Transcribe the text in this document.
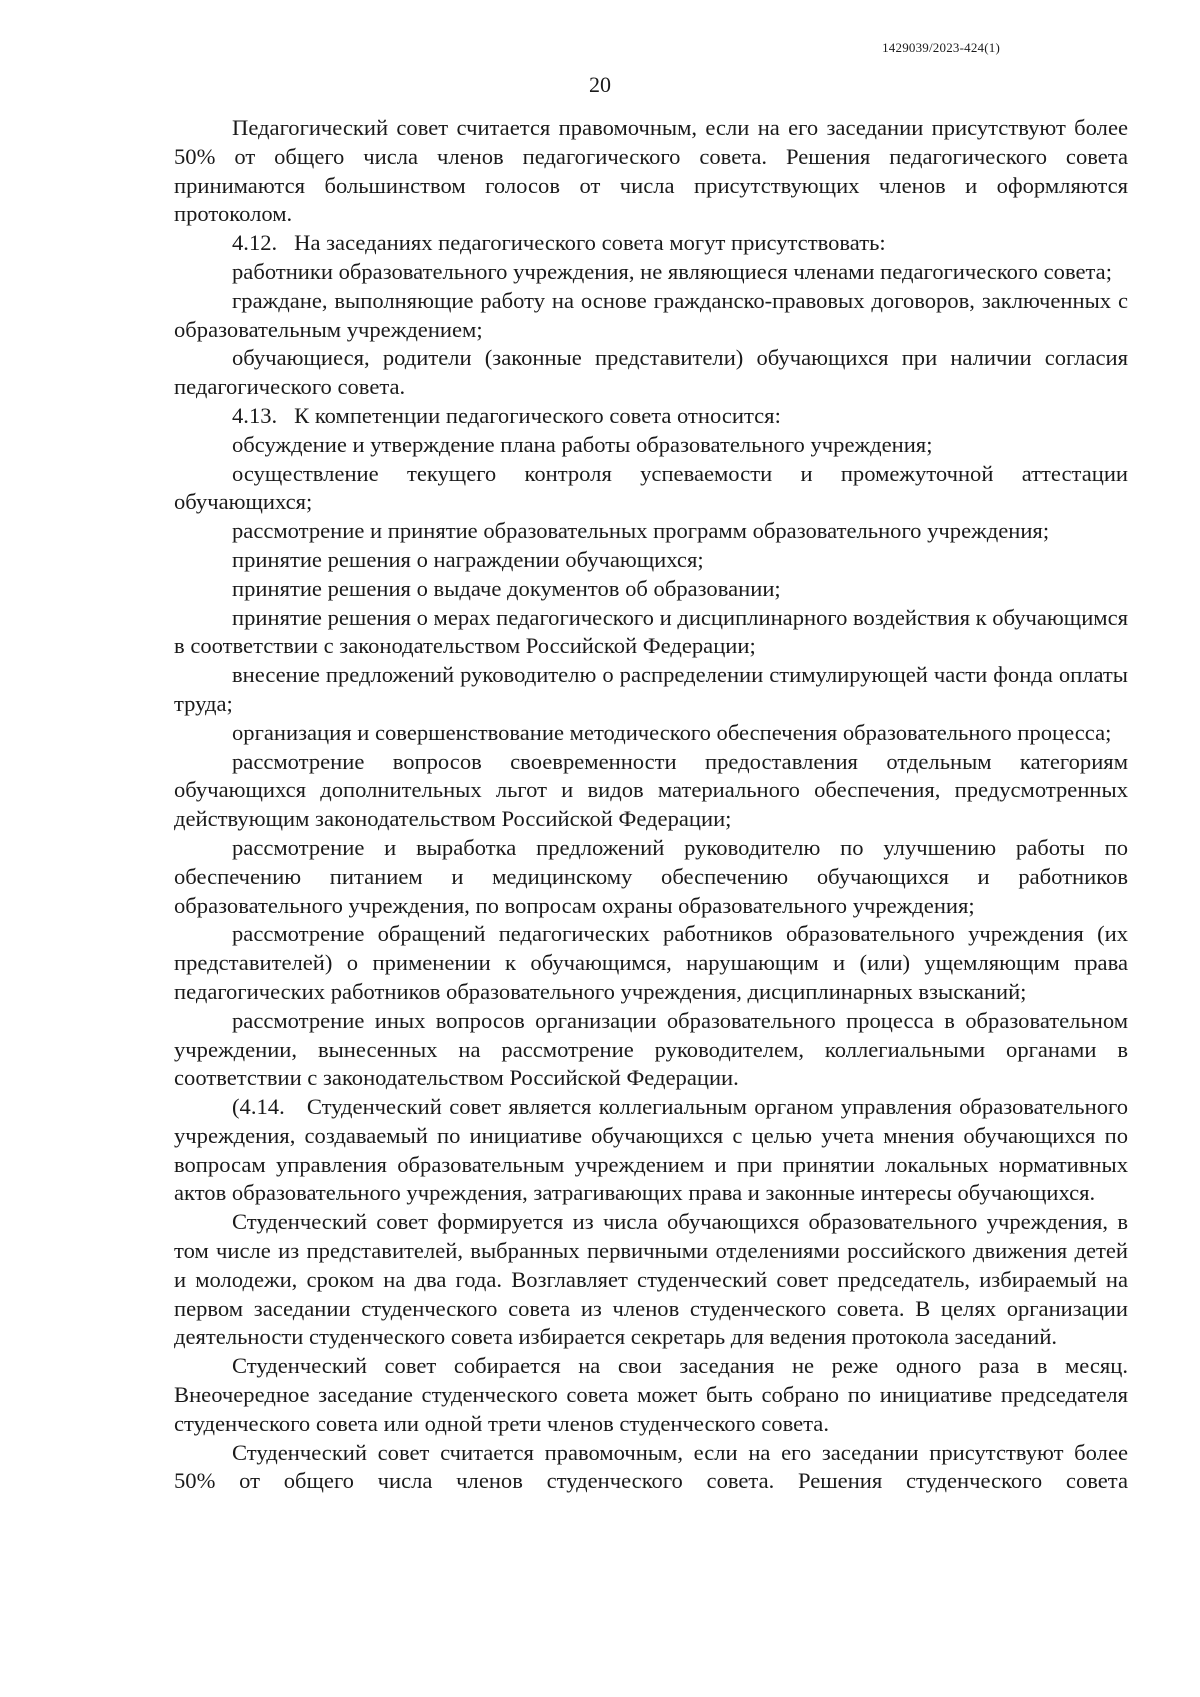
1429039/2023-424(1)
20

Педагогический совет считается правомочным, если на его заседании присутствуют более 50% от общего числа членов педагогического совета. Решения педагогического совета принимаются большинством голосов от числа присутствующих членов и оформляются протоколом.

4.12.   На заседаниях педагогического совета могут присутствовать:

работники образовательного учреждения, не являющиеся членами педагогического совета;

граждане, выполняющие работу на основе гражданско-правовых договоров, заключенных с образовательным учреждением;

обучающиеся, родители (законные представители) обучающихся при наличии согласия педагогического совета.

4.13.   К компетенции педагогического совета относится:

обсуждение и утверждение плана работы образовательного учреждения;

осуществление текущего контроля успеваемости и промежуточной аттестации обучающихся;

рассмотрение и принятие образовательных программ образовательного учреждения;

принятие решения о награждении обучающихся;

принятие решения о выдаче документов об образовании;

принятие решения о мерах педагогического и дисциплинарного воздействия к обучающимся в соответствии с законодательством Российской Федерации;

внесение предложений руководителю о распределении стимулирующей части фонда оплаты труда;

организация и совершенствование методического обеспечения образовательного процесса;

рассмотрение вопросов своевременности предоставления отдельным категориям обучающихся дополнительных льгот и видов материального обеспечения, предусмотренных действующим законодательством Российской Федерации;

рассмотрение и выработка предложений руководителю по улучшению работы по обеспечению питанием и медицинскому обеспечению обучающихся и работников образовательного учреждения, по вопросам охраны образовательного учреждения;

рассмотрение обращений педагогических работников образовательного учреждения (их представителей) о применении к обучающимся, нарушающим и (или) ущемляющим права педагогических работников образовательного учреждения, дисциплинарных взысканий;

рассмотрение иных вопросов организации образовательного процесса в образовательном учреждении, вынесенных на рассмотрение руководителем, коллегиальными органами в соответствии с законодательством Российской Федерации.

(4.14.   Студенческий совет является коллегиальным органом управления образовательного учреждения, создаваемый по инициативе обучающихся с целью учета мнения обучающихся по вопросам управления образовательным учреждением и при принятии локальных нормативных актов образовательного учреждения, затрагивающих права и законные интересы обучающихся.

Студенческий совет формируется из числа обучающихся образовательного учреждения, в том числе из представителей, выбранных первичными отделениями российского движения детей и молодежи, сроком на два года. Возглавляет студенческий совет председатель, избираемый на первом заседании студенческого совета из членов студенческого совета. В целях организации деятельности студенческого совета избирается секретарь для ведения протокола заседаний.

Студенческий совет собирается на свои заседания не реже одного раза в месяц. Внеочередное заседание студенческого совета может быть собрано по инициативе председателя студенческого совета или одной трети членов студенческого совета.

Студенческий совет считается правомочным, если на его заседании присутствуют более 50% от общего числа членов студенческого совета. Решения студенческого совета
